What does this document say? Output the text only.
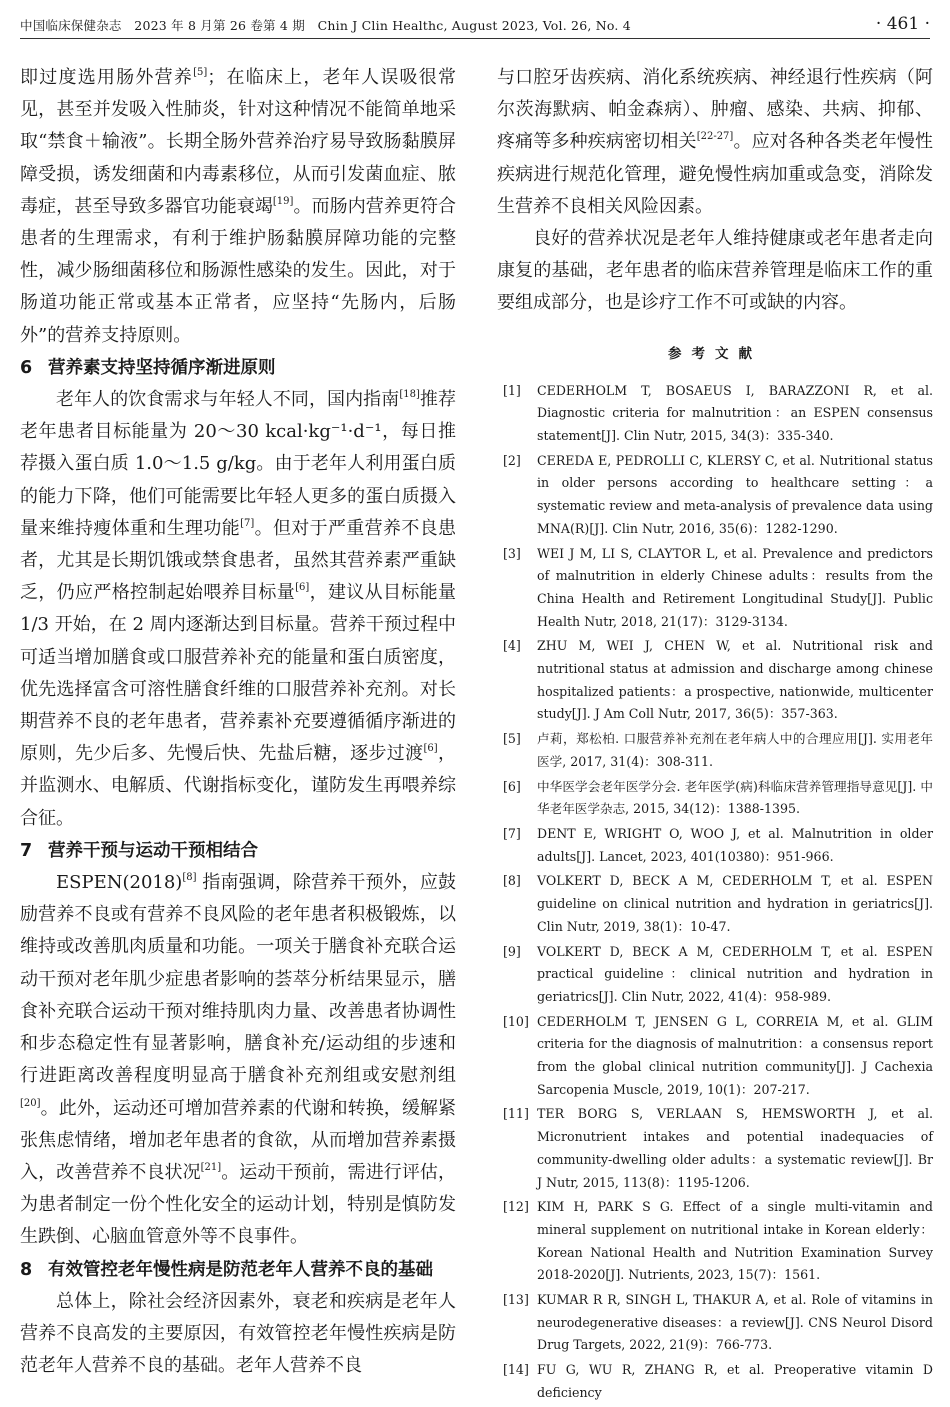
中国临床保健杂志　2023 年 8 月第 26 卷第 4 期　Chin J Clin Healthc, August 2023, Vol. 26, No. 4	· 461 ·

即过度选用肠外营养[5]；在临床上，老年人误吸很常见，甚至并发吸入性肺炎，针对这种情况不能简单地采取“禁食＋输液”。长期全肠外营养治疗易导致肠黏膜屏障受损，诱发细菌和内毒素移位，从而引发菌血症、脓毒症，甚至导致多器官功能衰竭[19]。而肠内营养更符合患者的生理需求，有利于维护肠黏膜屏障功能的完整性，减少肠细菌移位和肠源性感染的发生。因此，对于肠道功能正常或基本正常者，应坚持“先肠内，后肠外”的营养支持原则。

6 营养素支持坚持循序渐进原则

老年人的饮食需求与年轻人不同，国内指南[18]推荐老年患者目标能量为 20～30 kcal·kg⁻¹·d⁻¹，每日推荐摄入蛋白质 1.0～1.5 g/kg。由于老年人利用蛋白质的能力下降，他们可能需要比年轻人更多的蛋白质摄入量来维持瘦体重和生理功能[7]。但对于严重营养不良患者，尤其是长期饥饿或禁食患者，虽然其营养素严重缺乏，仍应严格控制起始喂养目标量[6]，建议从目标能量 1/3 开始，在 2 周内逐渐达到目标量。营养干预过程中可适当增加膳食或口服营养补充的能量和蛋白质密度，优先选择富含可溶性膳食纤维的口服营养补充剂。对长期营养不良的老年患者，营养素补充要遵循循序渐进的原则，先少后多、先慢后快、先盐后糖，逐步过渡[6]，并监测水、电解质、代谢指标变化，谨防发生再喂养综合征。

7 营养干预与运动干预相结合

ESPEN(2018)[8] 指南强调，除营养干预外，应鼓励营养不良或有营养不良风险的老年患者积极锻炼，以维持或改善肌肉质量和功能。一项关于膳食补充联合运动干预对老年肌少症患者影响的荟萃分析结果显示，膳食补充联合运动干预对维持肌肉力量、改善患者协调性和步态稳定性有显著影响，膳食补充/运动组的步速和行进距离改善程度明显高于膳食补充剂组或安慰剂组[20]。此外，运动还可增加营养素的代谢和转换，缓解紧张焦虑情绪，增加老年患者的食欲，从而增加营养素摄入，改善营养不良状况[21]。运动干预前，需进行评估，为患者制定一份个性化安全的运动计划，特别是慎防发生跌倒、心脑血管意外等不良事件。

8 有效管控老年慢性病是防范老年人营养不良的基础

总体上，除社会经济因素外，衰老和疾病是老年人营养不良高发的主要原因，有效管控老年慢性疾病是防范老年人营养不良的基础。老年人营养不良

与口腔牙齿疾病、消化系统疾病、神经退行性疾病（阿尔茨海默病、帕金森病）、肿瘤、感染、共病、抑郁、疼痛等多种疾病密切相关[22-27]。应对各种各类老年慢性疾病进行规范化管理，避免慢性病加重或急变，消除发生营养不良相关风险因素。

良好的营养状况是老年人维持健康或老年患者走向康复的基础，老年患者的临床营养管理是临床工作的重要组成部分，也是诊疗工作不可或缺的内容。

参考文献
[1] CEDERHOLM T, BOSAEUS I, BARAZZONI R, et al. Diagnostic criteria for malnutrition：an ESPEN consensus statement[J]. Clin Nutr, 2015, 34(3)：335-340.
[2] CEREDA E, PEDROLLI C, KLERSY C, et al. Nutritional status in older persons according to healthcare setting：a systematic review and meta-analysis of prevalence data using MNA(R)[J]. Clin Nutr, 2016, 35(6)：1282-1290.
[3] WEI J M, LI S, CLAYTOR L, et al. Prevalence and predictors of malnutrition in elderly Chinese adults：results from the China Health and Retirement Longitudinal Study[J]. Public Health Nutr, 2018, 21(17)：3129-3134.
[4] ZHU M, WEI J, CHEN W, et al. Nutritional risk and nutritional status at admission and discharge among chinese hospitalized patients：a prospective, nationwide, multicenter study[J]. J Am Coll Nutr, 2017, 36(5)：357-363.
[5] 卢莉，郑松柏. 口服营养补充剂在老年病人中的合理应用[J]. 实用老年医学, 2017, 31(4)：308-311.
[6] 中华医学会老年医学分会. 老年医学(病)科临床营养管理指导意见[J]. 中华老年医学杂志, 2015, 34(12)：1388-1395.
[7] DENT E, WRIGHT O, WOO J, et al. Malnutrition in older adults[J]. Lancet, 2023, 401(10380)：951-966.
[8] VOLKERT D, BECK A M, CEDERHOLM T, et al. ESPEN guideline on clinical nutrition and hydration in geriatrics[J]. Clin Nutr, 2019, 38(1)：10-47.
[9] VOLKERT D, BECK A M, CEDERHOLM T, et al. ESPEN practical guideline：clinical nutrition and hydration in geriatrics[J]. Clin Nutr, 2022, 41(4)：958-989.
[10] CEDERHOLM T, JENSEN G L, CORREIA M, et al. GLIM criteria for the diagnosis of malnutrition：a consensus report from the global clinical nutrition community[J]. J Cachexia Sarcopenia Muscle, 2019, 10(1)：207-217.
[11] TER BORG S, VERLAAN S, HEMSWORTH J, et al. Micronutrient intakes and potential inadequacies of community-dwelling older adults：a systematic review[J]. Br J Nutr, 2015, 113(8)：1195-1206.
[12] KIM H, PARK S G. Effect of a single multi-vitamin and mineral supplement on nutritional intake in Korean elderly：Korean National Health and Nutrition Examination Survey 2018-2020[J]. Nutrients, 2023, 15(7)：1561.
[13] KUMAR R R, SINGH L, THAKUR A, et al. Role of vitamins in neurodegenerative diseases：a review[J]. CNS Neurol Disord Drug Targets, 2022, 21(9)：766-773.
[14] FU G, WU R, ZHANG R, et al. Preoperative vitamin D deficiency
